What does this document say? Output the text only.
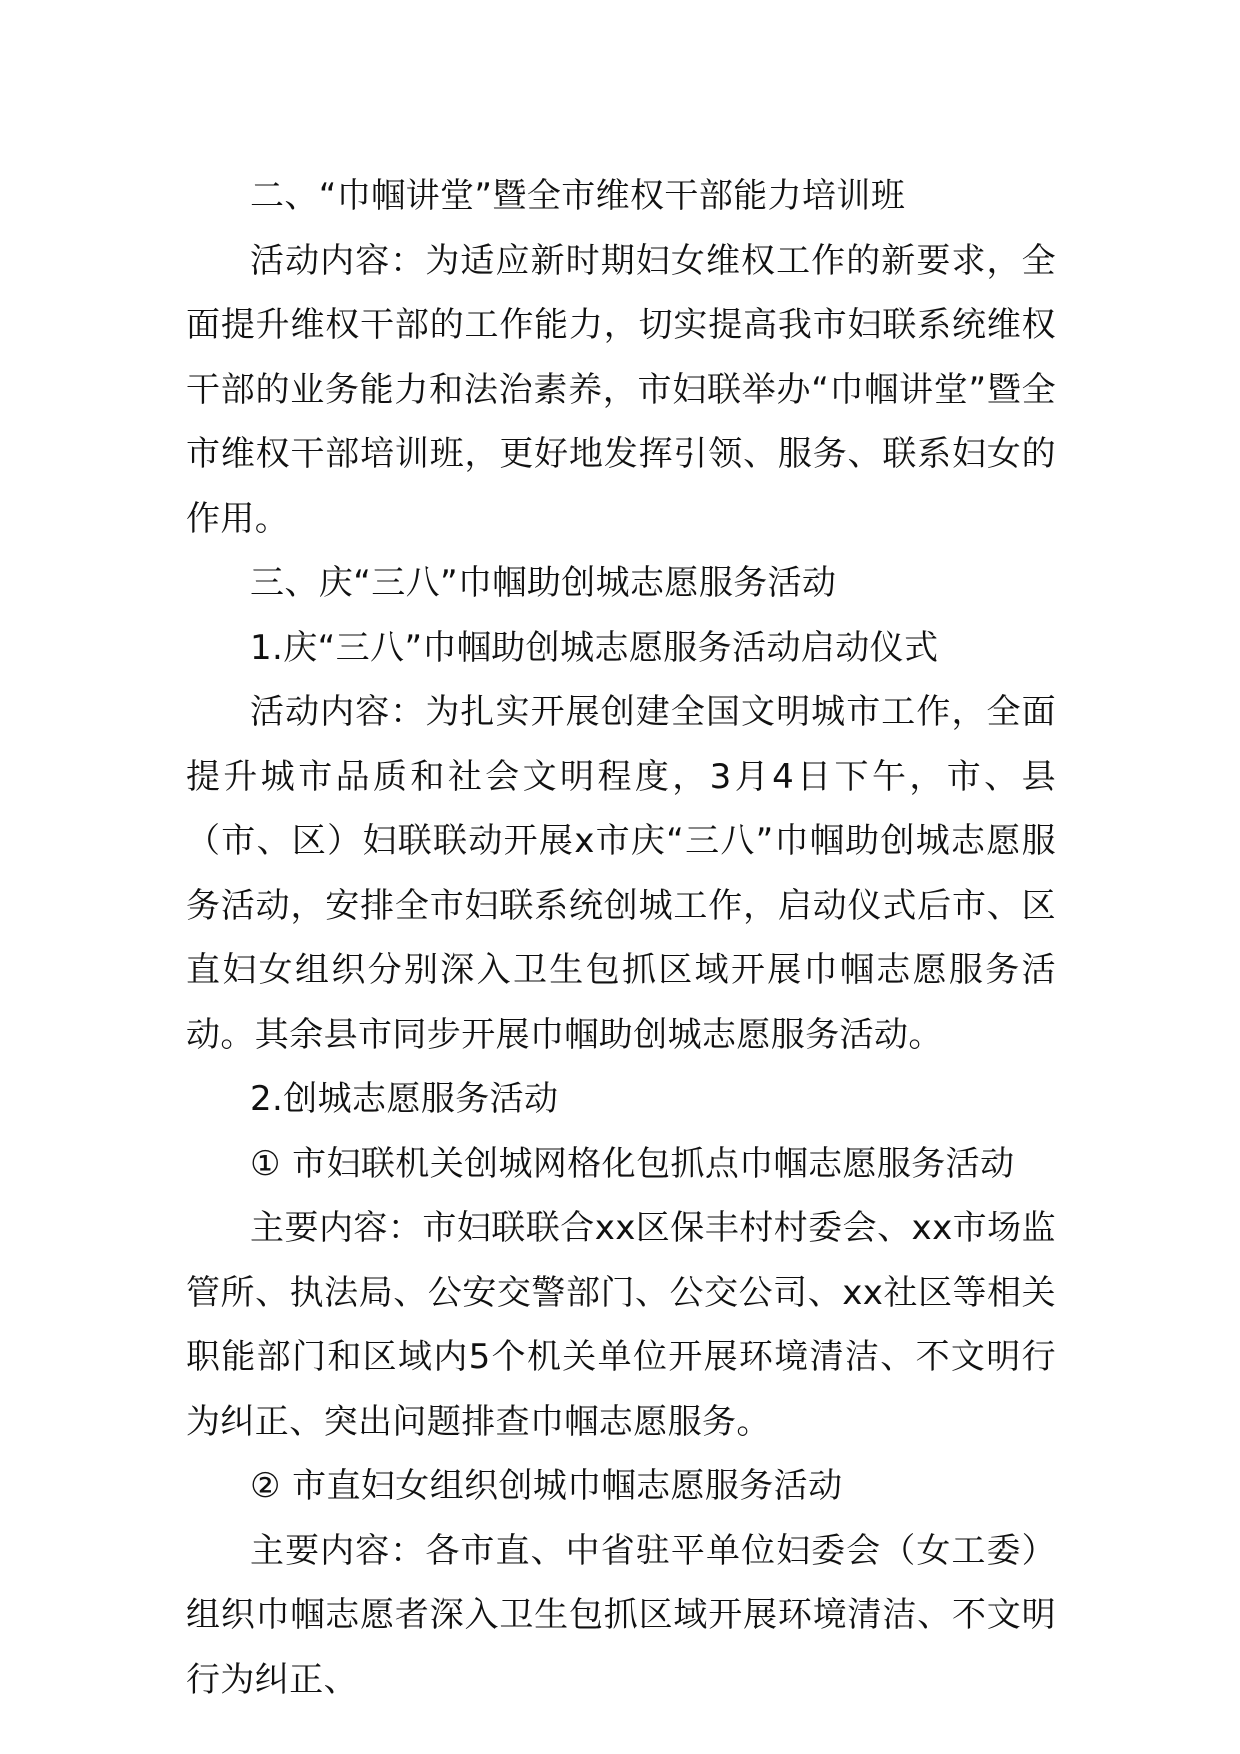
二、“巾帼讲堂”暨全市维权干部能力培训班

活动内容：为适应新时期妇女维权工作的新要求，全面提升维权干部的工作能力，切实提高我市妇联系统维权干部的业务能力和法治素养，市妇联举办“巾帼讲堂”暨全市维权干部培训班，更好地发挥引领、服务、联系妇女的作用。

三、庆“三八”巾帼助创城志愿服务活动

1.庆“三八”巾帼助创城志愿服务活动启动仪式

活动内容：为扎实开展创建全国文明城市工作，全面提升城市品质和社会文明程度，3月4日下午，市、县（市、区）妇联联动开展x市庆“三八”巾帼助创城志愿服务活动，安排全市妇联系统创城工作，启动仪式后市、区直妇女组织分别深入卫生包抓区域开展巾帼志愿服务活动。其余县市同步开展巾帼助创城志愿服务活动。

2.创城志愿服务活动

① 市妇联机关创城网格化包抓点巾帼志愿服务活动

主要内容：市妇联联合xx区保丰村村委会、xx市场监管所、执法局、公安交警部门、公交公司、xx社区等相关职能部门和区域内5个机关单位开展环境清洁、不文明行为纠正、突出问题排查巾帼志愿服务。

② 市直妇女组织创城巾帼志愿服务活动

主要内容：各市直、中省驻平单位妇委会（女工委）组织巾帼志愿者深入卫生包抓区域开展环境清洁、不文明行为纠正、
